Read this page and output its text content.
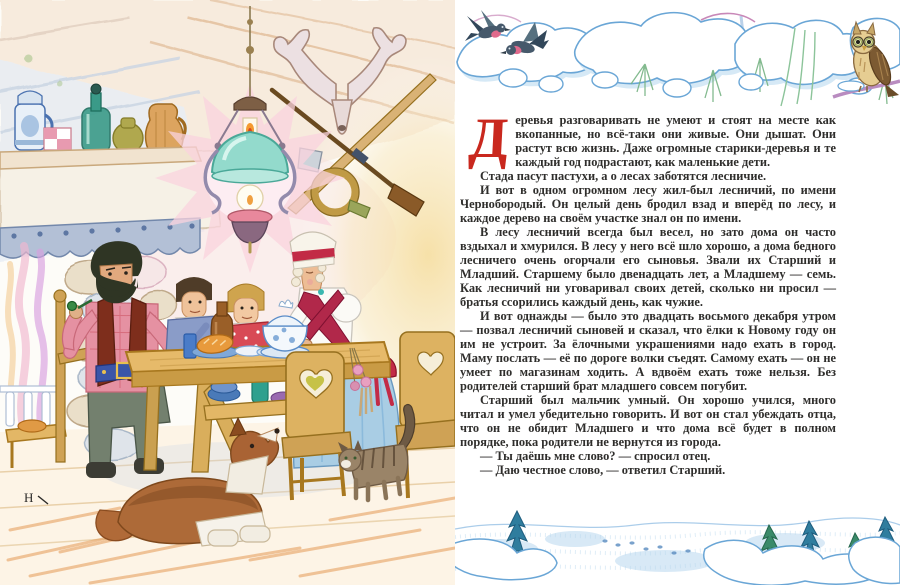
Н

Деревья разговаривать не умеют и стоят на месте как вкопанные, но всё-таки они живые. Они дышат. Они растут всю жизнь. Даже огромные старики-деревья и те каждый год подрастают, как маленькие дети.

Стада пасут пастухи, а о лесах заботятся лесничие.

И вот в одном огромном лесу жил-был лесничий, по имени Чернобородый. Он целый день бродил взад и вперёд по лесу, и каждое дерево на своём участке знал он по имени.

В лесу лесничий всегда был весел, но зато дома он часто вздыхал и хмурился. В лесу у него всё шло хорошо, а дома бедного лесничего очень огорчали его сыновья. Звали их Старший и Младший. Старшему было двенадцать лет, а Младшему — семь. Как лесничий ни уговаривал своих детей, сколько ни просил — братья ссорились каждый день, как чужие.

И вот однажды — было это двадцать восьмого декабря утром — позвал лесничий сыновей и сказал, что ёлки к Новому году он им не устроит. За ёлочными украшениями надо ехать в город. Маму послать — её по дороге волки съедят. Самому ехать — он не умеет по магазинам ходить. А вдвоём ехать тоже нельзя. Без родителей старший брат младшего совсем погубит.

Старший был мальчик умный. Он хорошо учился, много читал и умел убедительно говорить. И вот он стал убеждать отца, что он не обидит Младшего и что дома всё будет в полном порядке, пока родители не вернутся из города.

— Ты даёшь мне слово? — спросил отец.

— Даю честное слово, — ответил Старший.
